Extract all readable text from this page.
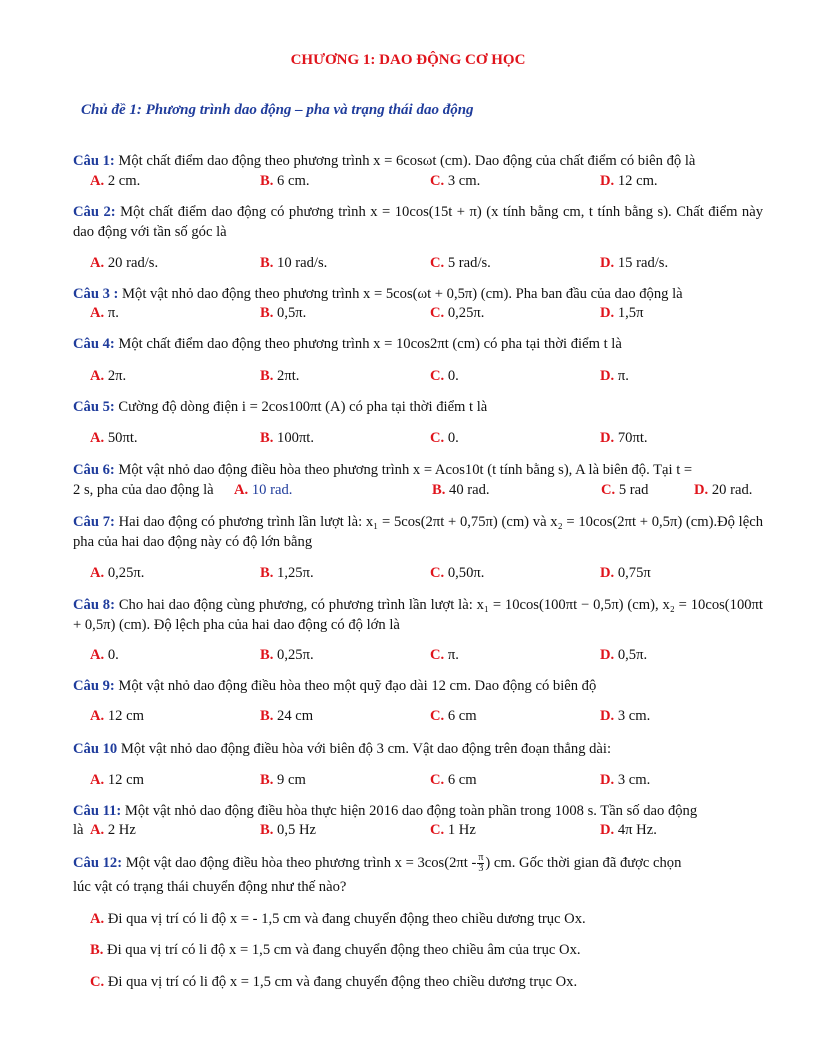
CHƯƠNG 1: DAO ĐỘNG CƠ HỌC
Chủ đề 1: Phương trình dao động – pha và trạng thái dao động
Câu 1: Một chất điểm dao động theo phương trình x = 6cosωt (cm). Dao động của chất điểm có biên độ là
A. 2 cm.	B. 6 cm.	C. 3 cm.	D. 12 cm.
Câu 2: Một chất điểm dao động có phương trình x = 10cos(15t + π) (x tính bằng cm, t tính bằng s). Chất điểm này dao động với tần số góc là
A. 20 rad/s.	B. 10 rad/s.	C. 5 rad/s.	D. 15 rad/s.
Câu 3 : Một vật nhỏ dao động theo phương trình x = 5cos(ωt + 0,5π) (cm). Pha ban đầu của dao động là
A. π.	B. 0,5π.	C. 0,25π.	D. 1,5π
Câu 4: Một chất điểm dao động theo phương trình x = 10cos2πt (cm) có pha tại thời điểm t là
A. 2π.	B. 2πt.	C. 0.	D. π.
Câu 5: Cường độ dòng điện i = 2cos100πt (A) có pha tại thời điểm t là
A. 50πt.	B. 100πt.	C. 0.	D. 70πt.
Câu 6: Một vật nhỏ dao động điều hòa theo phương trình x = Acos10t (t tính bằng s), A là biên độ. Tại t =
2 s, pha của dao động là A. 10 rad.	B. 40 rad.	C. 5 rad	D. 20 rad.
Câu 7: Hai dao động có phương trình lần lượt là: x₁ = 5cos(2πt + 0,75π) (cm) và x₂ = 10cos(2πt + 0,5π) (cm).Độ lệch pha của hai dao động này có độ lớn bằng
A. 0,25π.	B. 1,25π.	C. 0,50π.	D. 0,75π
Câu 8: Cho hai dao động cùng phương, có phương trình lần lượt là: x₁ = 10cos(100πt − 0,5π) (cm), x₂ = 10cos(100πt + 0,5π) (cm). Độ lệch pha của hai dao động có độ lớn là
A. 0.	B. 0,25π.	C. π.	D. 0,5π.
Câu 9: Một vật nhỏ dao động điều hòa theo một quỹ đạo dài 12 cm. Dao động có biên độ
A. 12 cm	B. 24 cm	C. 6 cm	D. 3 cm.
Câu 10 Một vật nhỏ dao động điều hòa với biên độ 3 cm. Vật dao động trên đoạn thẳng dài:
A. 12 cm	B. 9 cm	C. 6 cm	D. 3 cm.
Câu 11: Một vật nhỏ dao động điều hòa thực hiện 2016 dao động toàn phần trong 1008 s. Tần số dao động
là A. 2 Hz	B. 0,5 Hz	C. 1 Hz	D. 4π Hz.
Câu 12: Một vật dao động điều hòa theo phương trình $x = 3\cos(2\pi t - \frac{\pi}{3}$ ) cm. Gốc thời gian đã được chọn
lúc vật có trạng thái chuyển động như thế nào?
A. Đi qua vị trí có li độ x = - 1,5 cm và đang chuyển động theo chiều dương trục Ox.
B. Đi qua vị trí có li độ x = 1,5 cm và đang chuyển động theo chiều âm của trục Ox.
C. Đi qua vị trí có li độ x = 1,5 cm và đang chuyển động theo chiều dương trục Ox.
